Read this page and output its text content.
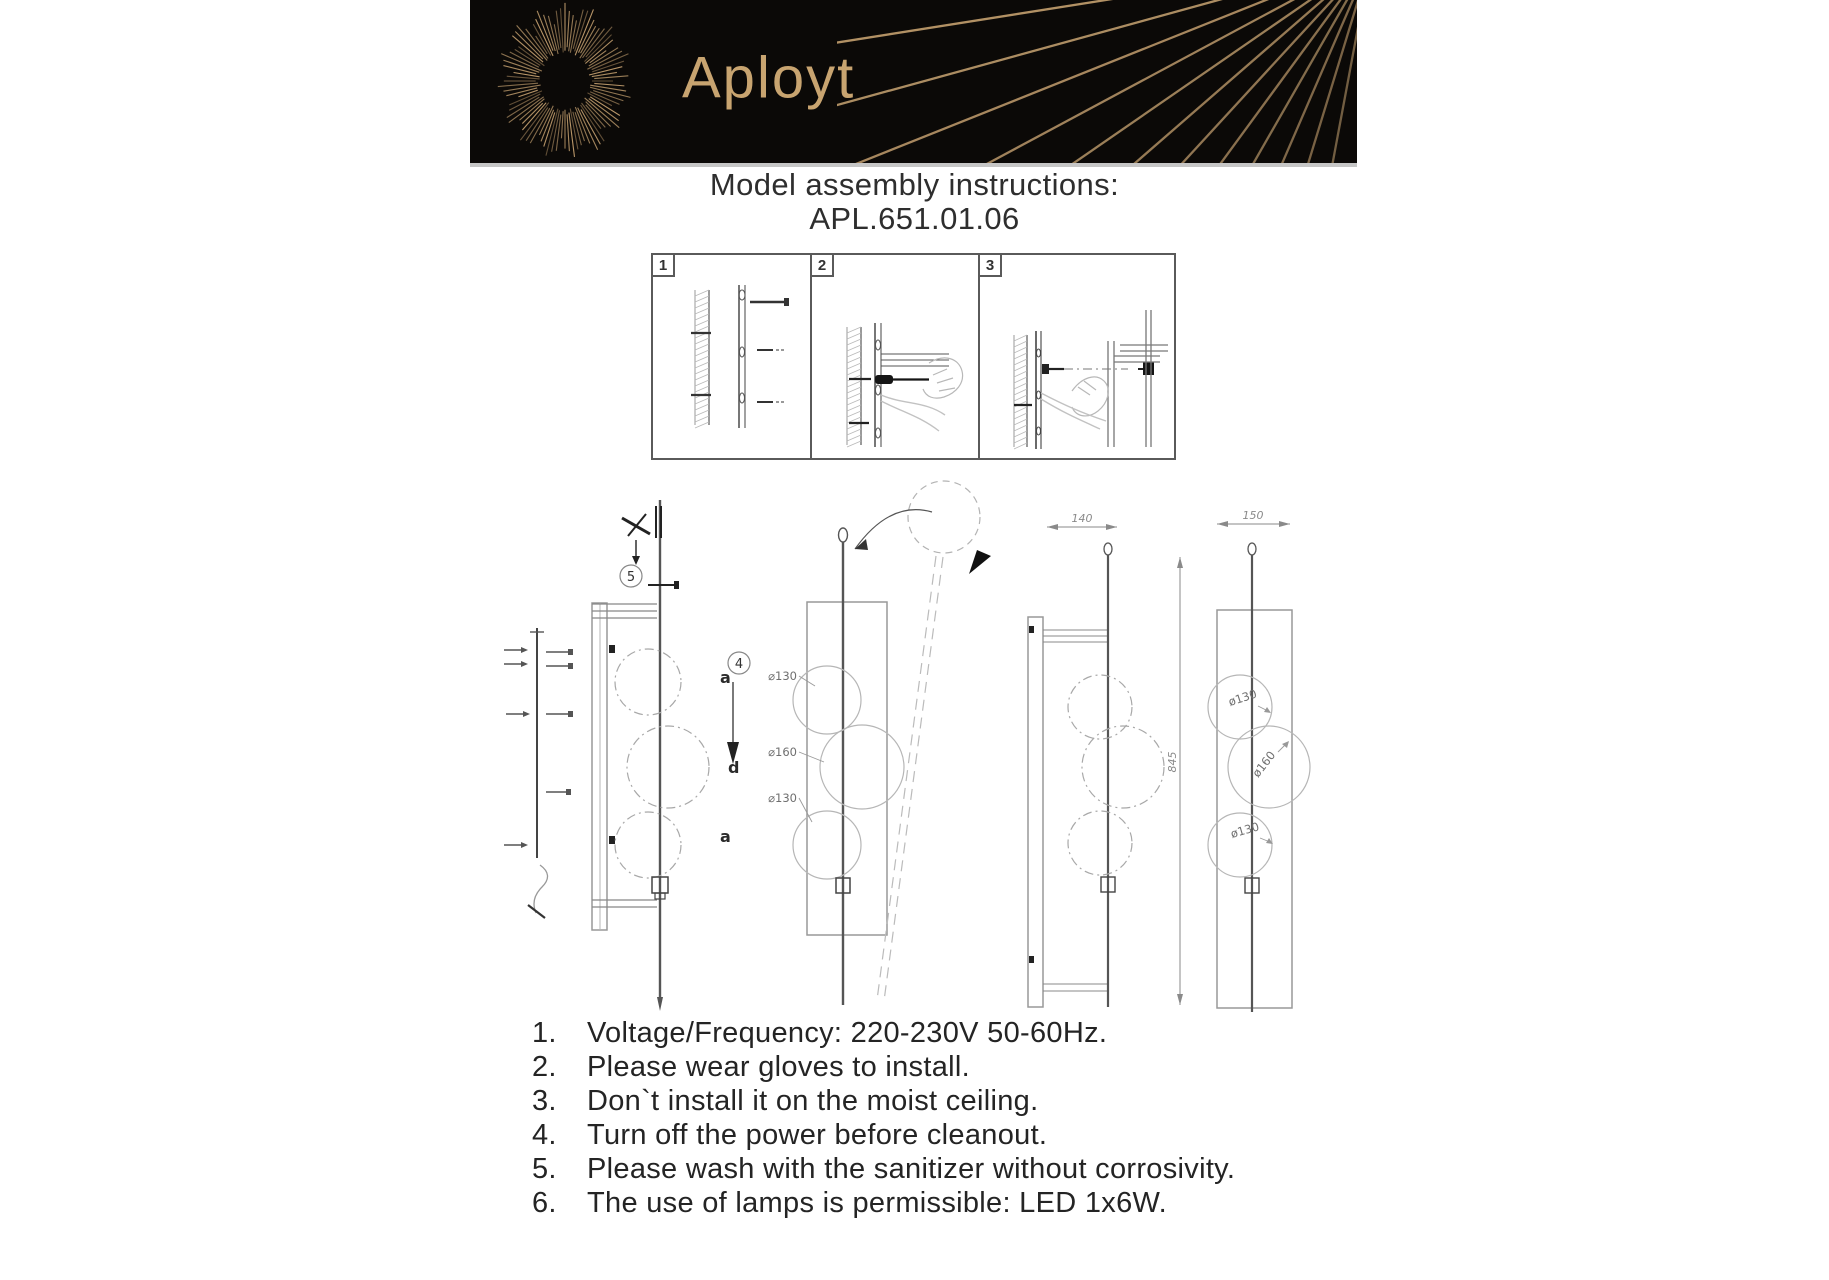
Aployt
Model assembly instructions:
APL.651.01.06
1	2	3
5
a
4
d
a
⌀130
⌀160
⌀130
140
845
150
ø130
ø160
ø130
1.	Voltage/Frequency: 220-230V 50-60Hz.
2.	Please wear gloves to install.
3.	Don`t install it on the moist ceiling.
4.	Turn off the power before cleanout.
5.	Please wash with the sanitizer without corrosivity.
6.	The use of lamps is permissible: LED 1x6W.
